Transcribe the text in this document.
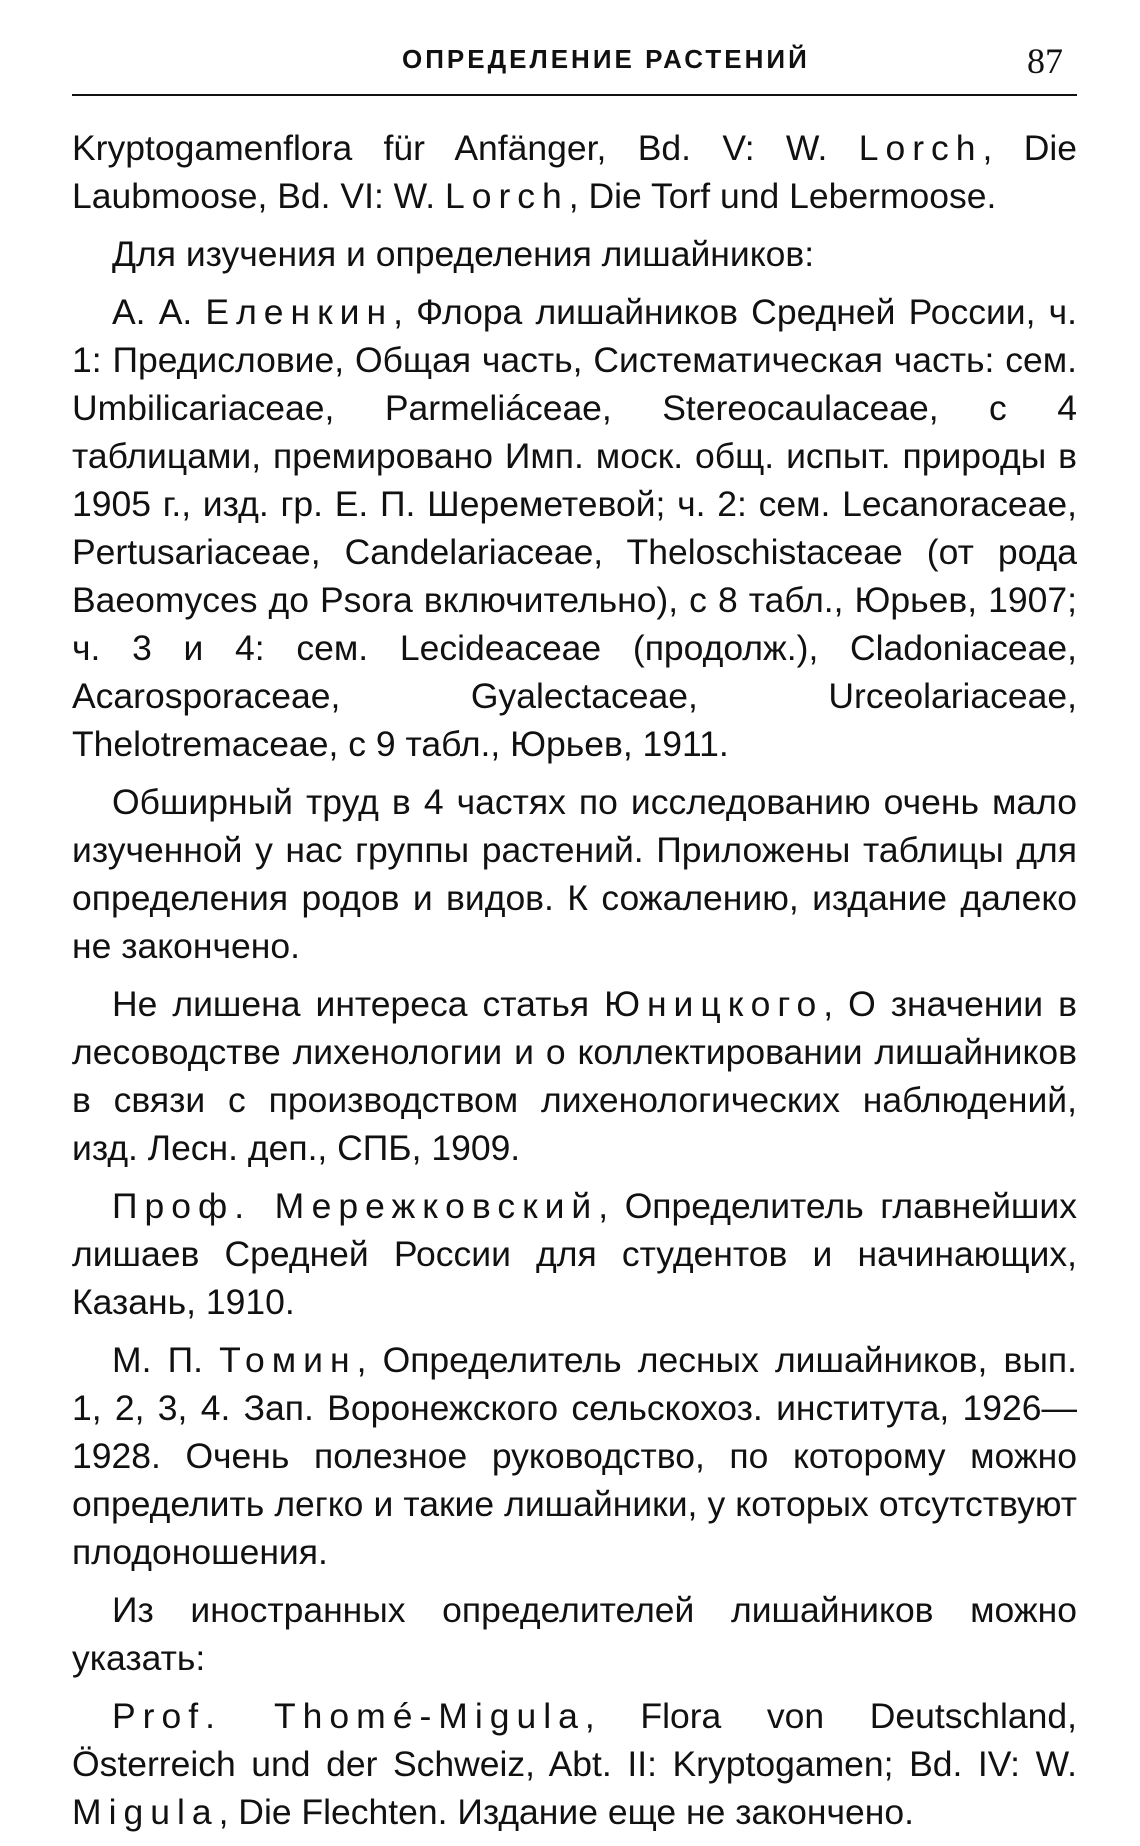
ОПРЕДЕЛЕНИЕ РАСТЕНИЙ	87

Kryptogamenflora für Anfänger, Bd. V: W. Lorch, Die Laubmoose, Bd. VI: W. Lorch, Die Torf und Lebermoose.

Для изучения и определения лишайников:

А. А. Еленкин, Флора лишайников Средней России, ч. 1: Предисловие, Общая часть, Систематическая часть: сем. Umbilicariaceae, Parmeliáceae, Stereocaulaceae, с 4 таблицами, премировано Имп. моск. общ. испыт. природы в 1905 г., изд. гр. Е. П. Шереметевой; ч. 2: сем. Lecanoraceae, Pertusariaceae, Candelariaceae, Theloschistaceae (от рода Baeomyces до Psora включительно), с 8 табл., Юрьев, 1907; ч. 3 и 4: сем. Lecideaceae (продолж.), Cladoniaceae, Acarosporaceae, Gyalectaceae, Urceolariaceae, Thelotremaceae, с 9 табл., Юрьев, 1911.

Обширный труд в 4 частях по исследованию очень мало изученной у нас группы растений. Приложены таблицы для определения родов и видов. К сожалению, издание далеко не закончено.

Не лишена интереса статья Юницкого, О значении в лесоводстве лихенологии и о коллектировании лишайников в связи с производством лихенологических наблюдений, изд. Лесн. деп., СПБ, 1909.

Проф. Мережковский, Определитель главнейших лишаев Средней России для студентов и начинающих, Казань, 1910.

М. П. Томин, Определитель лесных лишайников, вып. 1, 2, 3, 4. Зап. Воронежского сельскохоз. института, 1926—1928. Очень полезное руководство, по которому можно определить легко и такие лишайники, у которых отсутствуют плодоношения.

Из иностранных определителей лишайников можно указать:

Prof. Thomé-Migula, Flora von Deutschland, Österreich und der Schweiz, Abt. II: Kryptogamen; Bd. IV: W. Migula, Die Flechten. Издание еще не закончено.
